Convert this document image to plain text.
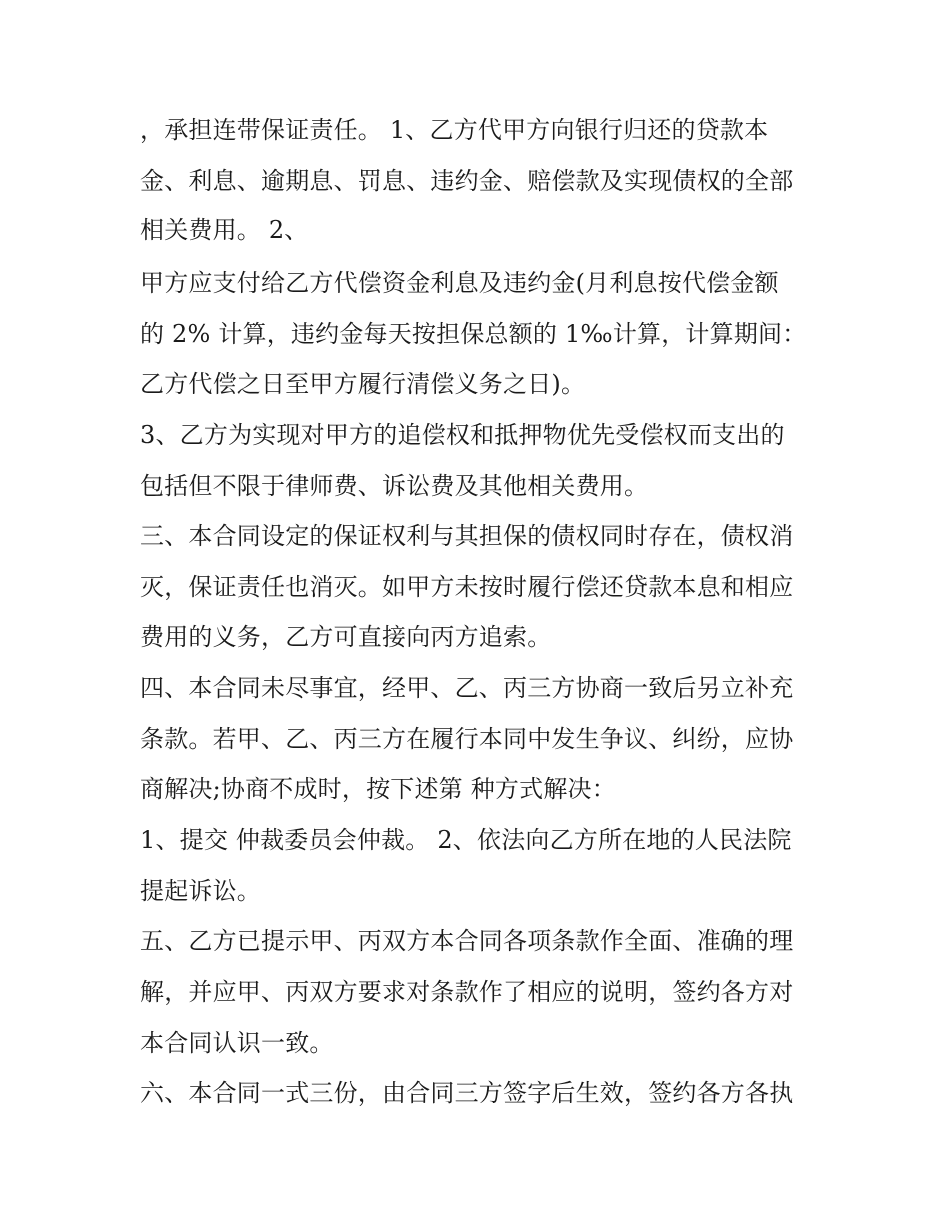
，承担连带保证责任。 1、乙方代甲方向银行归还的贷款本
金、利息、逾期息、罚息、违约金、赔偿款及实现债权的全部
相关费用。 2、
甲方应支付给乙方代偿资金利息及违约金(月利息按代偿金额
的 2% 计算，违约金每天按担保总额的 1‰计算，计算期间：
乙方代偿之日至甲方履行清偿义务之日)。
3、乙方为实现对甲方的追偿权和抵押物优先受偿权而支出的
包括但不限于律师费、诉讼费及其他相关费用。
三、本合同设定的保证权利与其担保的债权同时存在，债权消
灭，保证责任也消灭。如甲方未按时履行偿还贷款本息和相应
费用的义务，乙方可直接向丙方追索。
四、本合同未尽事宜，经甲、乙、丙三方协商一致后另立补充
条款。若甲、乙、丙三方在履行本同中发生争议、纠纷，应协
商解决;协商不成时，按下述第 种方式解决：
1、提交 仲裁委员会仲裁。 2、依法向乙方所在地的人民法院
提起诉讼。
五、乙方已提示甲、丙双方本合同各项条款作全面、准确的理
解，并应甲、丙双方要求对条款作了相应的说明，签约各方对
本合同认识一致。
六、本合同一式三份，由合同三方签字后生效，签约各方各执
